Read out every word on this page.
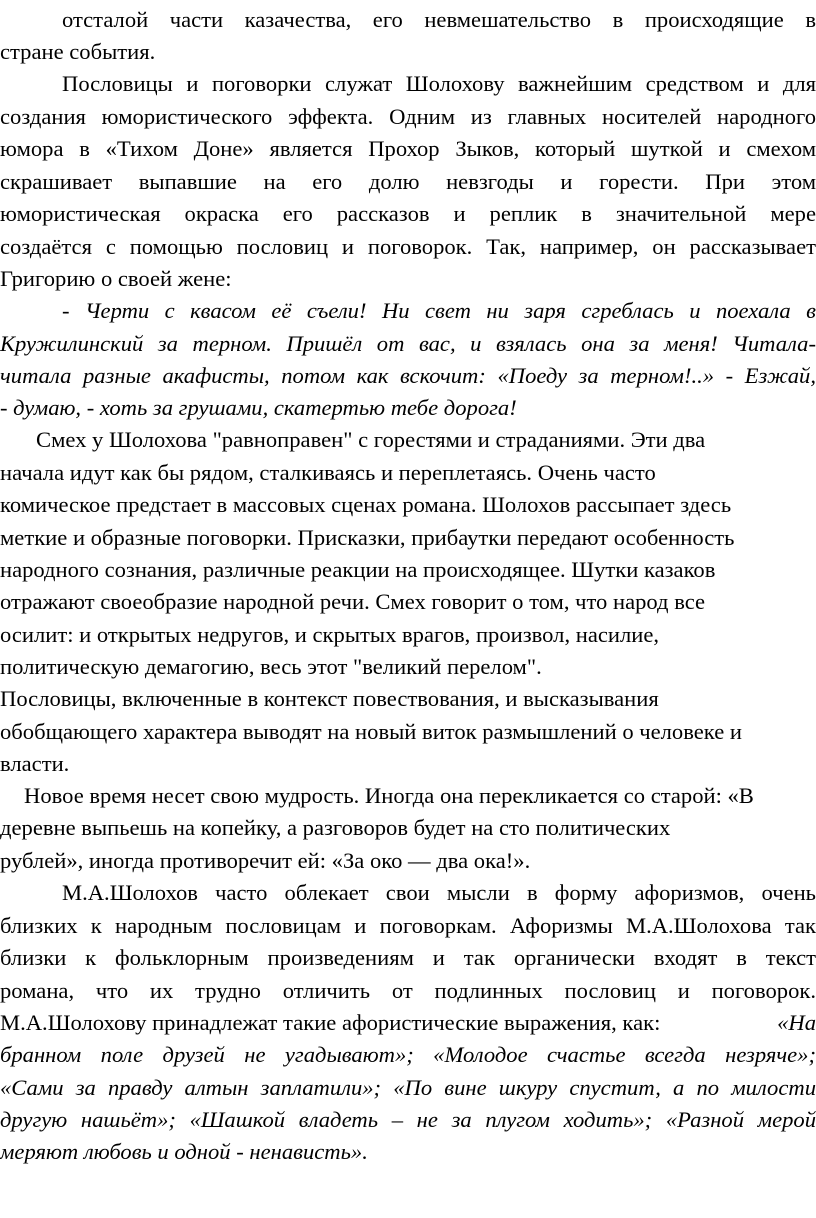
отсталой части казачества, его невмешательство в происходящие в
стране события.
Пословицы и поговорки служат Шолохову важнейшим средством и для
создания юмористического эффекта. Одним из главных носителей народного
юмора в «Тихом Доне» является Прохор Зыков, который шуткой и смехом
скрашивает выпавшие на его долю невзгоды и горести. При этом
юмористическая окраска его рассказов и реплик в значительной мере
создаётся с помощью пословиц и поговорок. Так, например, он рассказывает
Григорию о своей жене:
- Черти с квасом её съели! Ни свет ни заря сгреблась и поехала в
Кружилинский за терном. Пришёл от вас, и взялась она за меня! Читала-
читала разные акафисты, потом как вскочит: «Поеду за терном!..» - Езжай,
- думаю, - хоть за грушами, скатертью тебе дорога!
Смех у Шолохова "равноправен" с горестями и страданиями. Эти два
начала идут как бы рядом, сталкиваясь и переплетаясь. Очень часто
комическое предстает в массовых сценах романа. Шолохов рассыпает здесь
меткие и образные поговорки. Присказки, прибаутки передают особенность
народного сознания, различные реакции на происходящее. Шутки казаков
отражают своеобразие народной речи. Смех говорит о том, что народ все
осилит: и открытых недругов, и скрытых врагов, произвол, насилие,
политическую демагогию, весь этот "великий перелом".
Пословицы, включенные в контекст повествования, и высказывания
обобщающего характера выводят на новый виток размышлений о человеке и
власти.
Новое время несет свою мудрость. Иногда она перекликается со старой: «В
деревне выпьешь на копейку, а разговоров будет на сто политических
рублей», иногда противоречит ей: «За око — два ока!».
М.А.Шолохов часто облекает свои мысли в форму афоризмов, очень
близких к народным пословицам и поговоркам. Афоризмы М.А.Шолохова так
близки к фольклорным произведениям и так органически входят в текст
романа, что их трудно отличить от подлинных пословиц и поговорок.
М.А.Шолохову принадлежат такие афористические выражения, как:	«На
бранном поле друзей не угадывают»; «Молодое счастье всегда незряче»;
«Сами за правду алтын заплатили»; «По вине шкуру спустит, а по милости
другую нашьёт»; «Шашкой владеть – не за плугом ходить»; «Разной мерой
меряют любовь и одной - ненависть».
